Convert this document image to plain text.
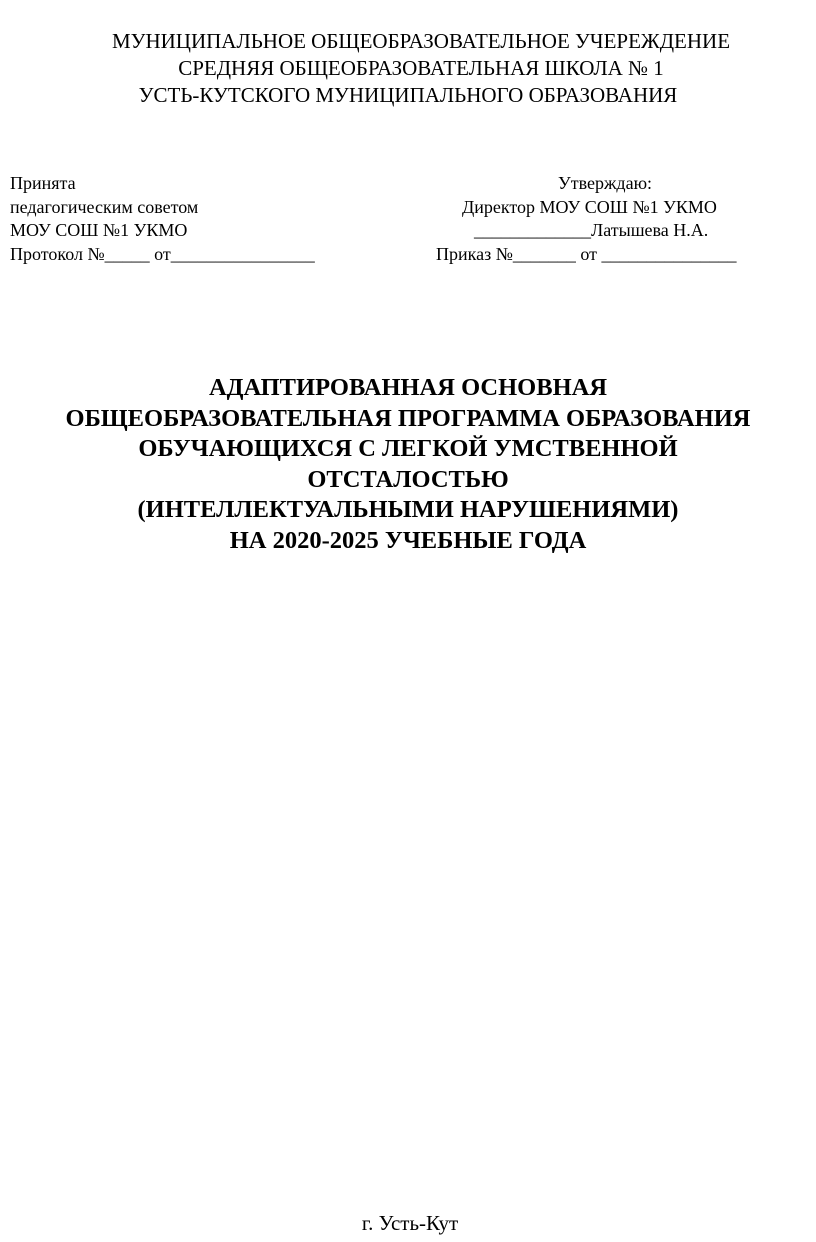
МУНИЦИПАЛЬНОЕ ОБЩЕОБРАЗОВАТЕЛЬНОЕ УЧЕРЕЖДЕНИЕ
СРЕДНЯЯ ОБЩЕОБРАЗОВАТЕЛЬНАЯ ШКОЛА № 1
УСТЬ-КУТСКОГО МУНИЦИПАЛЬНОГО ОБРАЗОВАНИЯ
Принята
педагогическим советом
МОУ СОШ №1 УКМО
Протокол №_____ от________________
Утверждаю:
Директор МОУ СОШ №1 УКМО
_____________Латышева Н.А.
Приказ №_______ от _______________
АДАПТИРОВАННАЯ ОСНОВНАЯ
ОБЩЕОБРАЗОВАТЕЛЬНАЯ ПРОГРАММА ОБРАЗОВАНИЯ
ОБУЧАЮЩИХСЯ С ЛЕГКОЙ УМСТВЕННОЙ
ОТСТАЛОСТЬЮ
(ИНТЕЛЛЕКТУАЛЬНЫМИ НАРУШЕНИЯМИ)
НА 2020-2025 УЧЕБНЫЕ ГОДА
г. Усть-Кут
